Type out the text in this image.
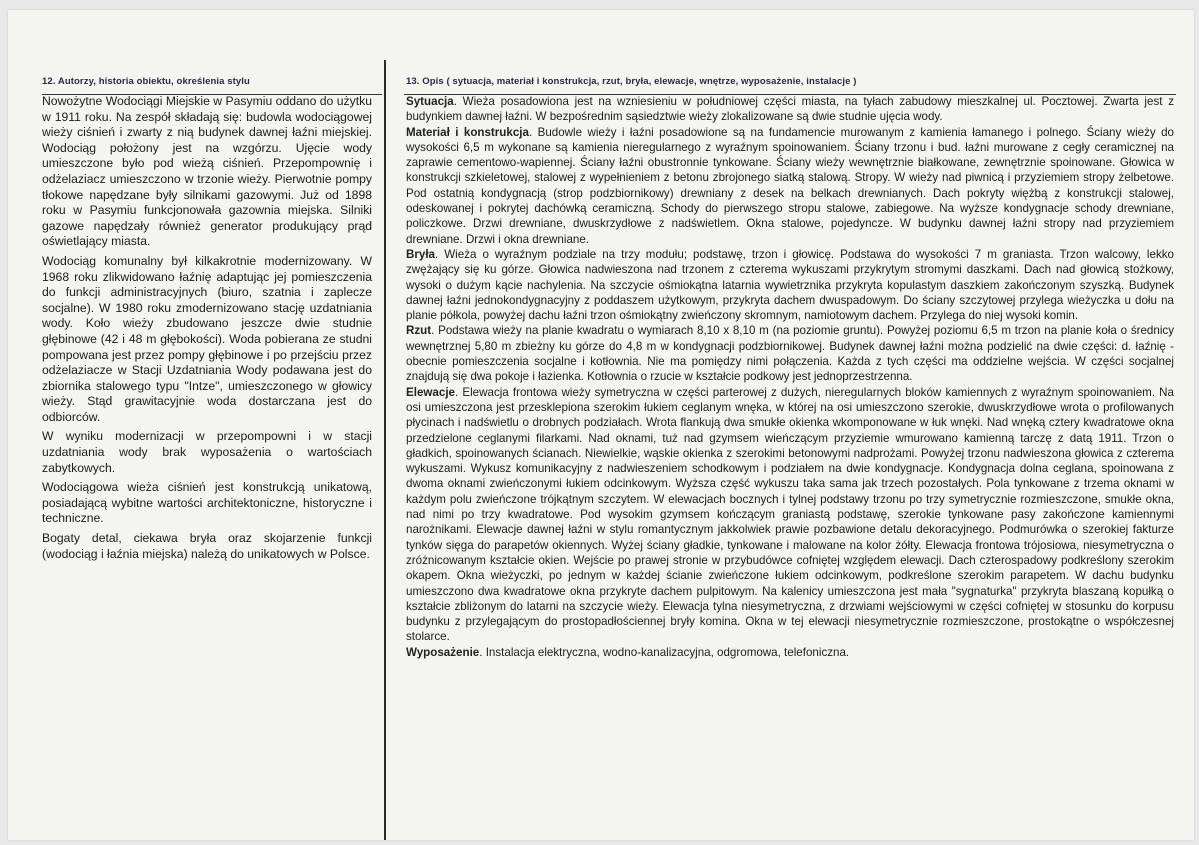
12. Autorzy, historia obiektu, określenia stylu

Nowożytne Wodociągi Miejskie w Pasymiu oddano do użytku w 1911 roku. Na zespół składają się: budowla wodociągowej wieży ciśnień i zwarty z nią budynek dawnej łaźni miejskiej. Wodociąg położony jest na wzgórzu. Ujęcie wody umieszczone było pod wieżą ciśnień. Przepompownię i odżelaziacz umieszczono w trzonie wieży. Pierwotnie pompy tłokowe napędzane były silnikami gazowymi. Już od 1898 roku w Pasymiu funkcjonowała gazownia miejska. Silniki gazowe napędzały również generator produkujący prąd oświetlający miasta.

Wodociąg komunalny był kilkakrotnie modernizowany. W 1968 roku zlikwidowano łaźnię adaptując jej pomieszczenia do funkcji administracyjnych (biuro, szatnia i zaplecze socjalne). W 1980 roku zmodernizowano stację uzdatniania wody. Koło wieży zbudowano jeszcze dwie studnie głębinowe (42 i 48 m głębokości). Woda pobierana ze studni pompowana jest przez pompy głębinowe i po przejściu przez odżelaziacze w Stacji Uzdatniania Wody podawana jest do zbiornika stalowego typu "Intze", umieszczonego w głowicy wieży. Stąd grawitacyjnie woda dostarczana jest do odbiorców.

W wyniku modernizacji w przepompowni i w stacji uzdatniania wody brak wyposażenia o wartościach zabytkowych.

Wodociągowa wieża ciśnień jest konstrukcją unikatową, posiadającą wybitne wartości architektoniczne, historyczne i techniczne.

Bogaty detal, ciekawa bryła oraz skojarzenie funkcji (wodociąg i łaźnia miejska) należą do unikatowych w Polsce.

13. Opis ( sytuacja, materiał i konstrukcja, rzut, bryła, elewacje, wnętrze, wyposażenie, instalacje )

Sytuacja. Wieża posadowiona jest na wzniesieniu w południowej części miasta, na tyłach zabudowy mieszkalnej ul. Pocztowej. Zwarta jest z budynkiem dawnej łaźni. W bezpośrednim sąsiedztwie wieży zlokalizowane są dwie studnie ujęcia wody.

Materiał i konstrukcja. Budowle wieży i łaźni posadowione są na fundamencie murowanym z kamienia łamanego i polnego. Ściany wieży do wysokości 6,5 m wykonane są kamienia nieregularnego z wyraźnym spoinowaniem. Ściany trzonu i bud. łaźni murowane z cegły ceramicznej na zaprawie cementowo-wapiennej. Ściany łaźni obustronnie tynkowane. Ściany wieży wewnętrznie białkowane, zewnętrznie spoinowane. Głowica w konstrukcji szkieletowej, stalowej z wypełnieniem z betonu zbrojonego siatką stalową. Stropy. W wieży nad piwnicą i przyziemiem stropy żelbetowe. Pod ostatnią kondygnacją (strop podzbiornikowy) drewniany z desek na belkach drewnianych. Dach pokryty więżbą z konstrukcji stalowej, odeskowanej i pokrytej dachówką ceramiczną. Schody do pierwszego stropu stalowe, zabiegowe. Na wyższe kondygnacje schody drewniane, policzkowe. Drzwi drewniane, dwuskrzydłowe z nadświetlem. Okna stalowe, pojedyncze. W budynku dawnej łaźni stropy nad przyziemiem drewniane. Drzwi i okna drewniane.

Bryła. Wieża o wyraźnym podziale na trzy modułu; podstawę, trzon i głowicę. Podstawa do wysokości 7 m graniasta. Trzon walcowy, lekko zwężający się ku górze. Głowica nadwieszona nad trzonem z czterema wykuszami przykrytym stromymi daszkami. Dach nad głowicą stożkowy, wysoki o dużym kącie nachylenia. Na szczycie ośmiokątna latarnia wywietrznika przykryta kopulastym daszkiem zakończonym szyszką. Budynek dawnej łaźni jednokondygnacyjny z poddaszem użytkowym, przykryta dachem dwuspadowym. Do ściany szczytowej przylega wieżyczka u dołu na planie półkola, powyżej dachu łaźni trzon ośmiokątny zwieńczony skromnym, namiotowym dachem. Przylega do niej wysoki komin.

Rzut. Podstawa wieży na planie kwadratu o wymiarach 8,10 x 8,10 m (na poziomie gruntu). Powyżej poziomu 6,5 m trzon na planie koła o średnicy wewnętrznej 5,80 m zbieżny ku górze do 4,8 m w kondygnacji podzbiornikowej. Budynek dawnej łaźni można podzielić na dwie części: d. łaźnię - obecnie pomieszczenia socjalne i kotłownia. Nie ma pomiędzy nimi połączenia. Każda z tych części ma oddzielne wejścia. W części socjalnej znajdują się dwa pokoje i łazienka. Kotłownia o rzucie w kształcie podkowy jest jednoprzestrzenna.

Elewacje. Elewacja frontowa wieży symetryczna w części parterowej z dużych, nieregularnych bloków kamiennych z wyraźnym spoinowaniem. Na osi umieszczona jest przesklepiona szerokim łukiem ceglanym wnęka, w której na osi umieszczono szerokie, dwuskrzydłowe wrota o profilowanych płycinach i nadświetlu o drobnych podziałach. Wrota flankują dwa smukłe okienka wkomponowane w łuk wnęki. Nad wnęką cztery kwadratowe okna przedzielone ceglanymi filarkami. Nad oknami, tuż nad gzymsem wieńczącym przyziemie wmurowano kamienną tarczę z datą 1911. Trzon o gładkich, spoinowanych ścianach. Niewielkie, wąskie okienka z szerokimi betonowymi nadprożami. Powyżej trzonu nadwieszona głowica z czterema wykuszami. Wykusz komunikacyjny z nadwieszeniem schodkowym i podziałem na dwie kondygnacje. Kondygnacja dolna ceglana, spoinowana z dwoma oknami zwieńczonymi łukiem odcinkowym. Wyższa część wykuszu taka sama jak trzech pozostałych. Pola tynkowane z trzema oknami w każdym polu zwieńczone trójkątnym szczytem. W elewacjach bocznych i tylnej podstawy trzonu po trzy symetrycznie rozmieszczone, smukłe okna, nad nimi po trzy kwadratowe. Pod wysokim gzymsem kończącym graniastą podstawę, szerokie tynkowane pasy zakończone kamiennymi narożnikami. Elewacje dawnej łaźni w stylu romantycznym jakkolwiek prawie pozbawione detalu dekoracyjnego. Podmurówka o szerokiej fakturze tynków sięga do parapetów okiennych. Wyżej ściany gładkie, tynkowane i malowane na kolor żółty. Elewacja frontowa trójosiowa, niesymetryczna o zróżnicowanym kształcie okien. Wejście po prawej stronie w przybudówce cofniętej względem elewacji. Dach czterospadowy podkreślony szerokim okapem. Okna wieżyczki, po jednym w każdej ścianie zwieńczone łukiem odcinkowym, podkreślone szerokim parapetem. W dachu budynku umieszczono dwa kwadratowe okna przykryte dachem pulpitowym. Na kalenicy umieszczona jest mała "sygnaturka" przykryta blaszaną kopułką o kształcie zbliżonym do latarni na szczycie wieży. Elewacja tylna niesymetryczna, z drzwiami wejściowymi w części cofniętej w stosunku do korpusu budynku z przylegającym do prostopadłościennej bryły komina. Okna w tej elewacji niesymetrycznie rozmieszczone, prostokątne o współczesnej stolarce.

Wyposażenie. Instalacja elektryczna, wodno-kanalizacyjna, odgromowa, telefoniczna.
